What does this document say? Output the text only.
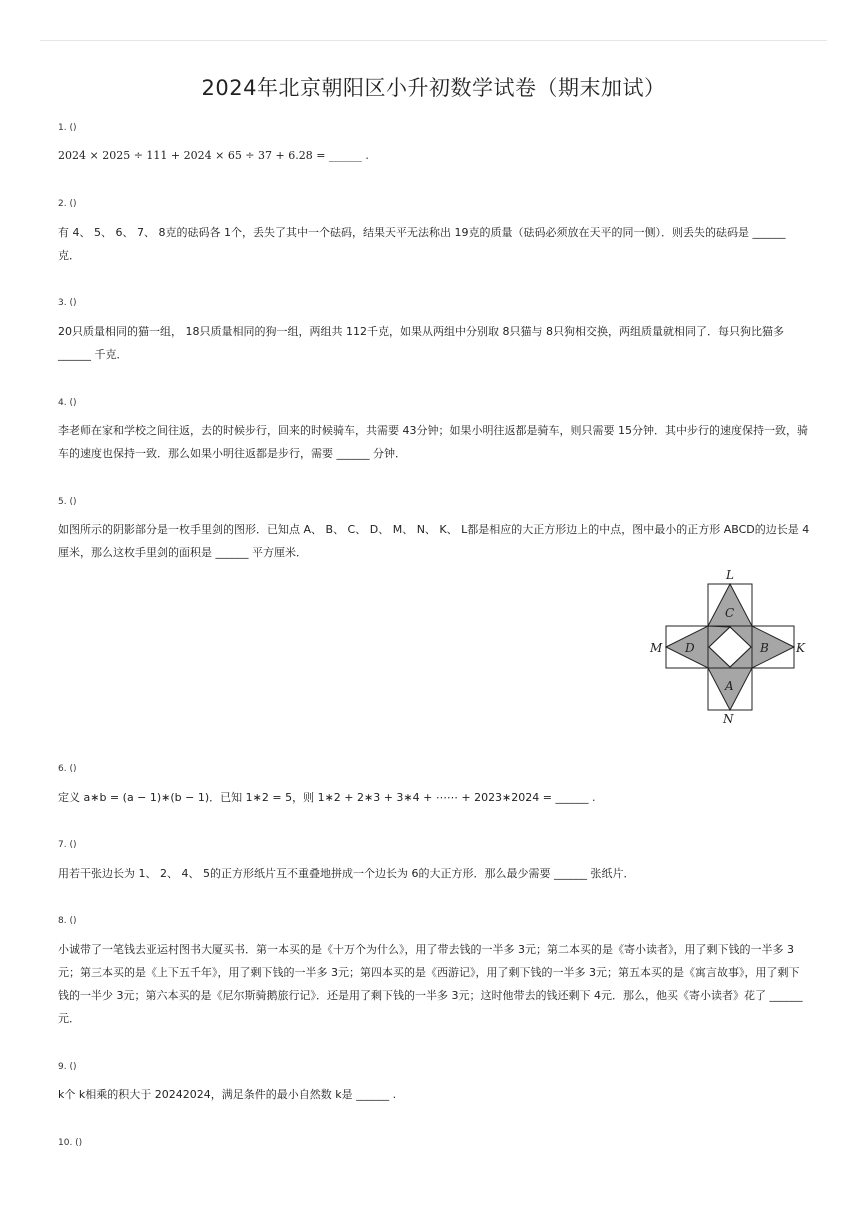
2024年北京朝阳区小升初数学试卷（期末加试）
1. ()
2024 × 2025 ÷ 111 + 2024 × 65 ÷ 37 + 6.28 = ______ .
2. ()
有 4、 5、 6、 7、 8克的砝码各 1个，丢失了其中一个砝码，结果天平无法称出 19克的质量（砝码必须放在天平的同一侧）．则丢失的砝码是 ______ 克．
3. ()
20只质量相同的猫一组， 18只质量相同的狗一组，两组共 112千克，如果从两组中分别取 8只猫与 8只狗相交换，两组质量就相同了．每只狗比猫多 ______ 千克．
4. ()
李老师在家和学校之间往返，去的时候步行，回来的时候骑车，共需要 43分钟；如果小明往返都是骑车，则只需要 15分钟．其中步行的速度保持一致，骑车的速度也保持一致．那么如果小明往返都是步行，需要 ______ 分钟．
5. ()
如图所示的阴影部分是一枚手里剑的图形．已知点 A、 B、 C、 D、 M、 N、 K、 L都是相应的大正方形边上的中点，图中最小的正方形 ABCD的边长是 4厘米，那么这枚手里剑的面积是 ______ 平方厘米．
L
M	K
N
C
D	B
A
6. ()
定义 a∗b = (a − 1)∗(b − 1)．已知 1∗2 = 5，则 1∗2 + 2∗3 + 3∗4 + ⋯⋯ + 2023∗2024 = ______ .
7. ()
用若干张边长为 1、 2、 4、 5的正方形纸片互不重叠地拼成一个边长为 6的大正方形．那么最少需要 ______ 张纸片．
8. ()
小诚带了一笔钱去亚运村图书大厦买书．第一本买的是《十万个为什么》，用了带去钱的一半多 3元；第二本买的是《寄小读者》，用了剩下钱的一半多 3元；第三本买的是《上下五千年》，用了剩下钱的一半多 3元；第四本买的是《西游记》，用了剩下钱的一半多 3元；第五本买的是《寓言故事》，用了剩下钱的一半少 3元；第六本买的是《尼尔斯骑鹅旅行记》．还是用了剩下钱的一半多 3元；这时他带去的钱还剩下 4元．那么，他买《寄小读者》花了 ______ 元．
9. ()
k个 k相乘的积大于 20242024，满足条件的最小自然数 k是 ______ .
10. ()
